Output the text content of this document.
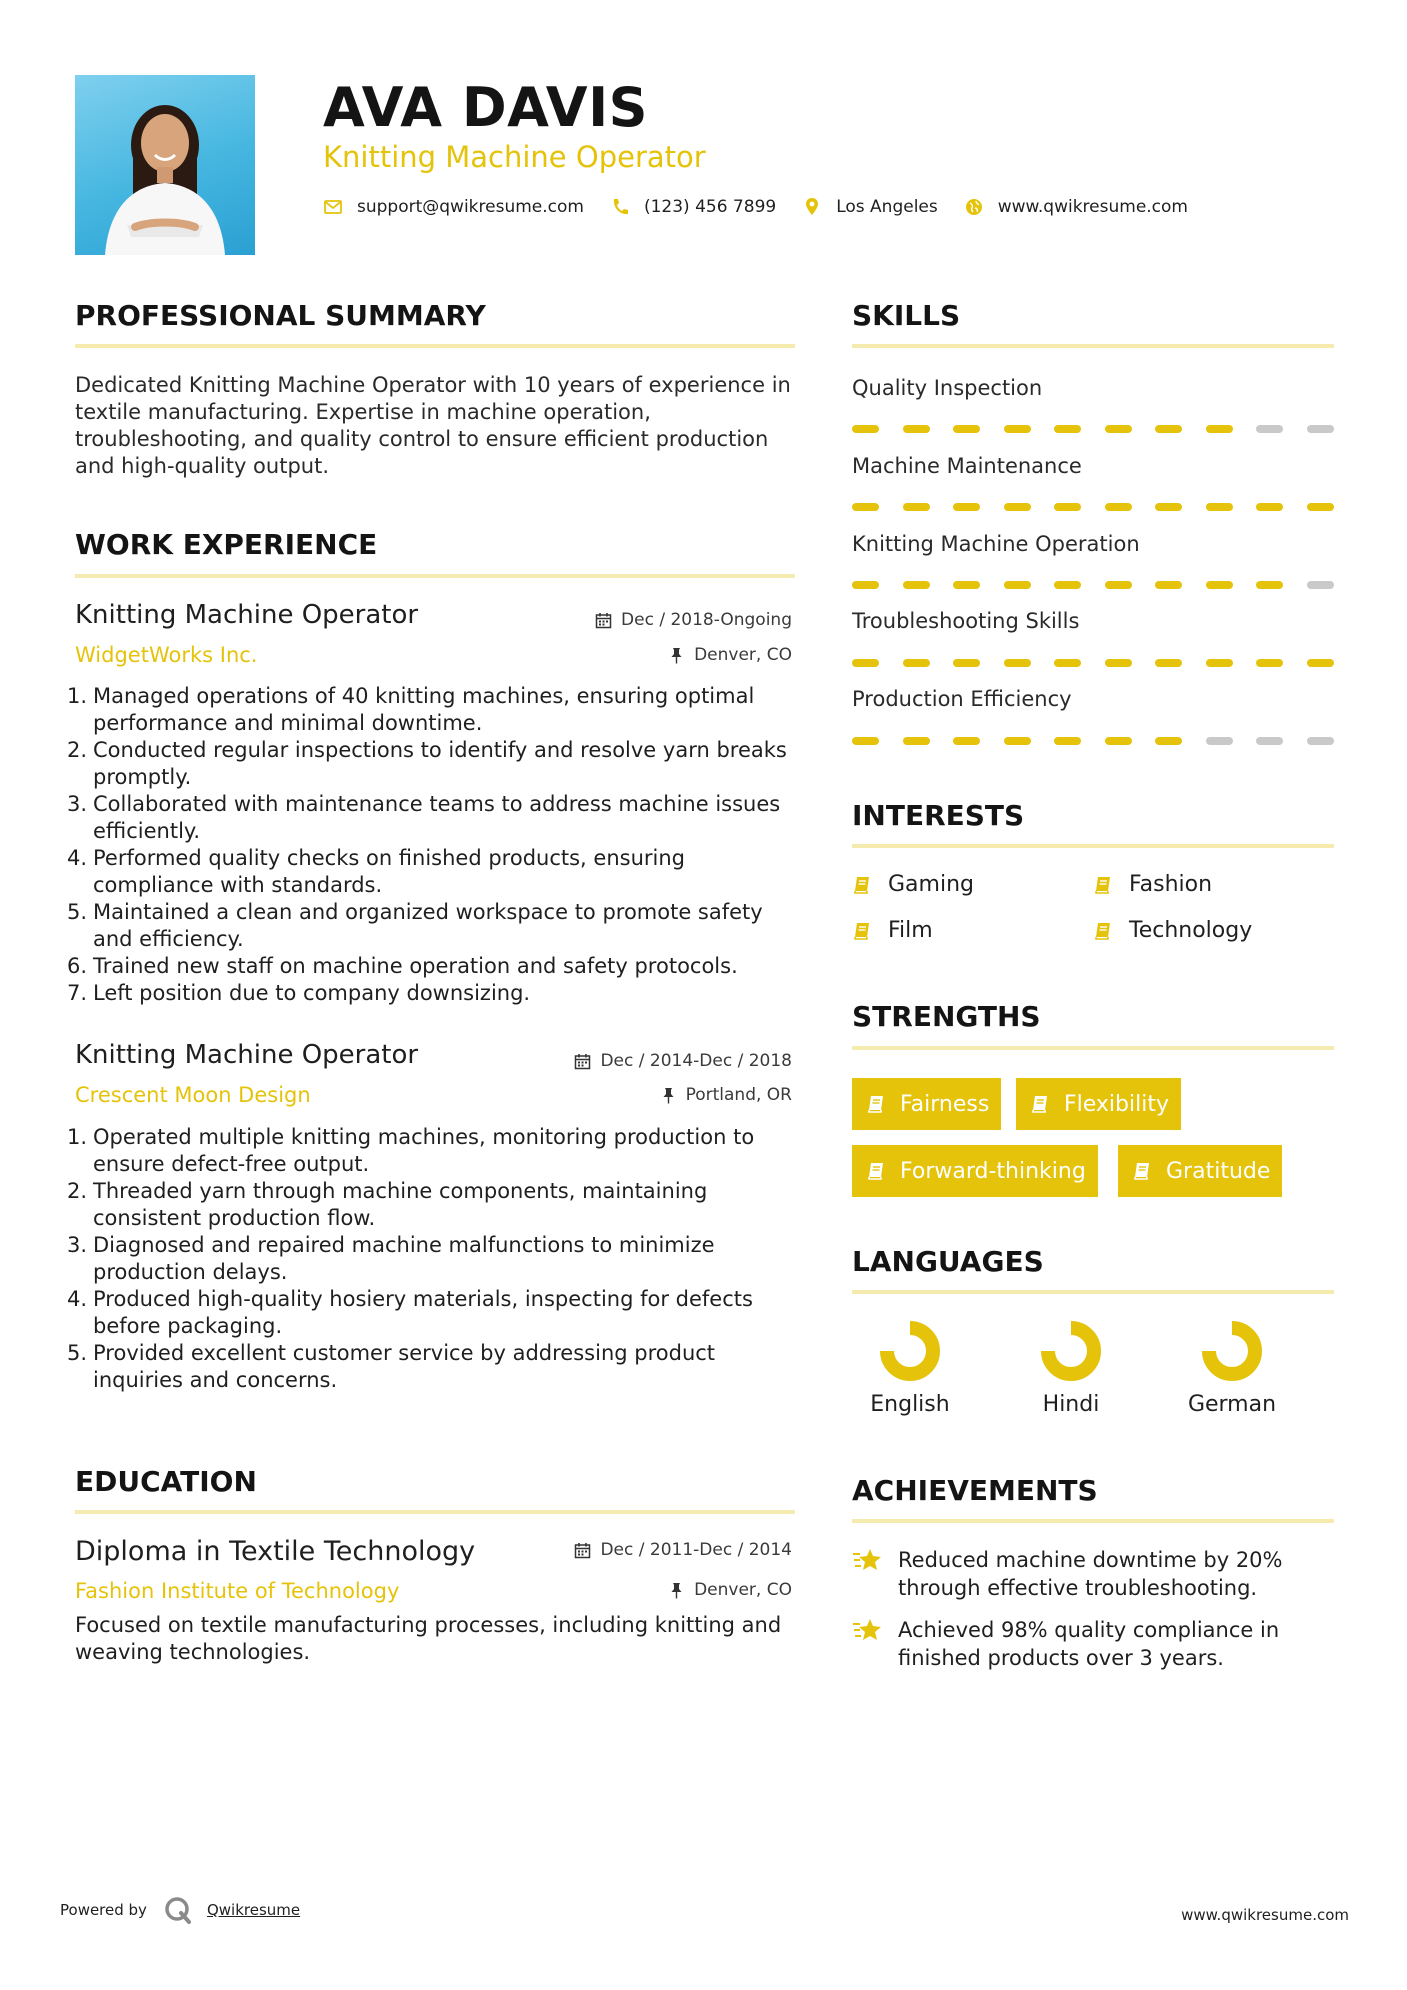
AVA DAVIS
Knitting Machine Operator
support@qwikresume.com	(123) 456 7899	Los Angeles	www.qwikresume.com
PROFESSIONAL SUMMARY
Dedicated Knitting Machine Operator with 10 years of experience in textile manufacturing. Expertise in machine operation, troubleshooting, and quality control to ensure efficient production and high-quality output.
WORK EXPERIENCE
Knitting Machine Operator	Dec / 2018-Ongoing
WidgetWorks Inc.	Denver, CO
1. Managed operations of 40 knitting machines, ensuring optimal performance and minimal downtime.
2. Conducted regular inspections to identify and resolve yarn breaks promptly.
3. Collaborated with maintenance teams to address machine issues efficiently.
4. Performed quality checks on finished products, ensuring compliance with standards.
5. Maintained a clean and organized workspace to promote safety and efficiency.
6. Trained new staff on machine operation and safety protocols.
7. Left position due to company downsizing.
Knitting Machine Operator	Dec / 2014-Dec / 2018
Crescent Moon Design	Portland, OR
1. Operated multiple knitting machines, monitoring production to ensure defect-free output.
2. Threaded yarn through machine components, maintaining consistent production flow.
3. Diagnosed and repaired machine malfunctions to minimize production delays.
4. Produced high-quality hosiery materials, inspecting for defects before packaging.
5. Provided excellent customer service by addressing product inquiries and concerns.
EDUCATION
Diploma in Textile Technology	Dec / 2011-Dec / 2014
Fashion Institute of Technology	Denver, CO
Focused on textile manufacturing processes, including knitting and weaving technologies.
SKILLS
Quality Inspection
Machine Maintenance
Knitting Machine Operation
Troubleshooting Skills
Production Efficiency
INTERESTS
Gaming	Fashion
Film	Technology
STRENGTHS
Fairness	Flexibility
Forward-thinking	Gratitude
LANGUAGES
English	Hindi	German
ACHIEVEMENTS
Reduced machine downtime by 20% through effective troubleshooting.
Achieved 98% quality compliance in finished products over 3 years.
Powered by	Qwikresume	www.qwikresume.com
